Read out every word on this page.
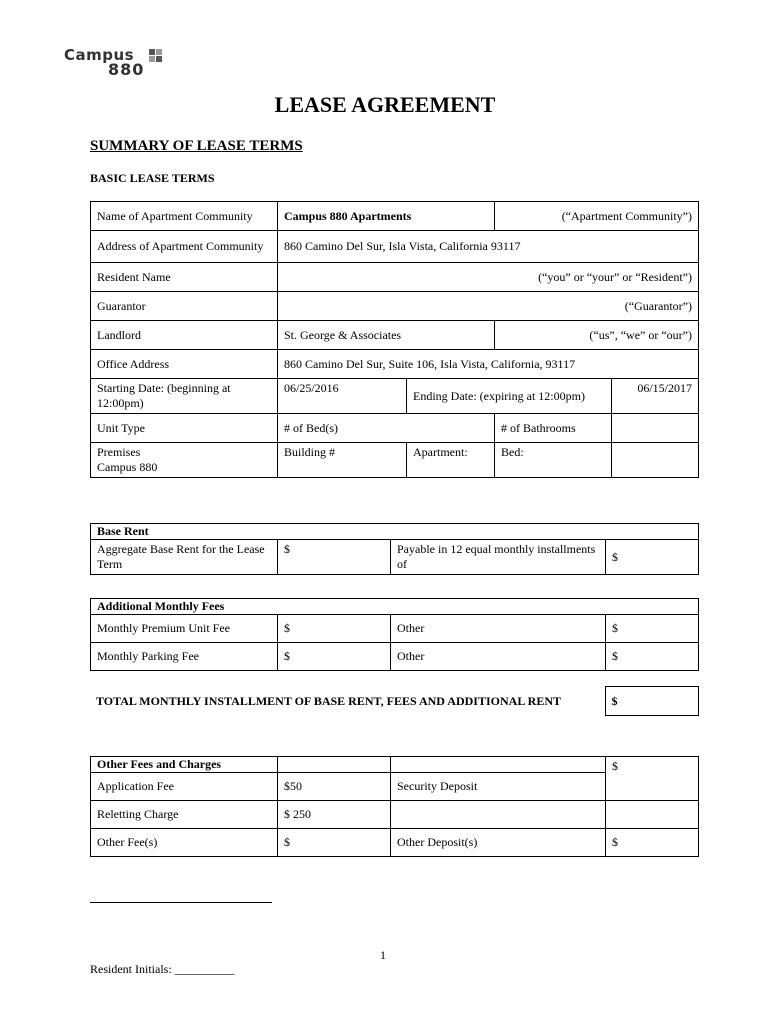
Campus
880
LEASE AGREEMENT
SUMMARY OF LEASE TERMS
BASIC LEASE TERMS
Name of Apartment Community	Campus 880 Apartments		(“Apartment Community”)	
Address of Apartment Community	860 Camino Del Sur, Isla Vista, California 93117			
Resident Name	(“you” or “your” or “Resident”)			
Guarantor	(“Guarantor”)			
Landlord	St. George & Associates		(“us”, “we” or “our”)	
Office Address	860 Camino Del Sur, Suite 106, Isla Vista, California, 93117			
Starting Date: (beginning at 12:00pm)	06/25/2016	Ending Date: (expiring at 12:00pm)		06/15/2017
Unit Type	# of Bed(s)		# of Bathrooms	

Premises
Campus 880	Building #	Apartment:	Bed:	
Base Rent
Aggregate Base Rent for the Lease Term	$	Payable in 12 equal monthly installments of	$
Additional Monthly Fees			
Monthly Premium Unit Fee	$	Other	$
Monthly Parking Fee	$	Other	$
TOTAL MONTHLY INSTALLMENT OF BASE RENT, FEES AND ADDITIONAL RENT	$
Other Fees and Charges			$
Application Fee	$50	Security Deposit	
Reletting Charge	$ 250		
Other Fee(s)	$	Other Deposit(s)	$
1
Resident Initials: __________
